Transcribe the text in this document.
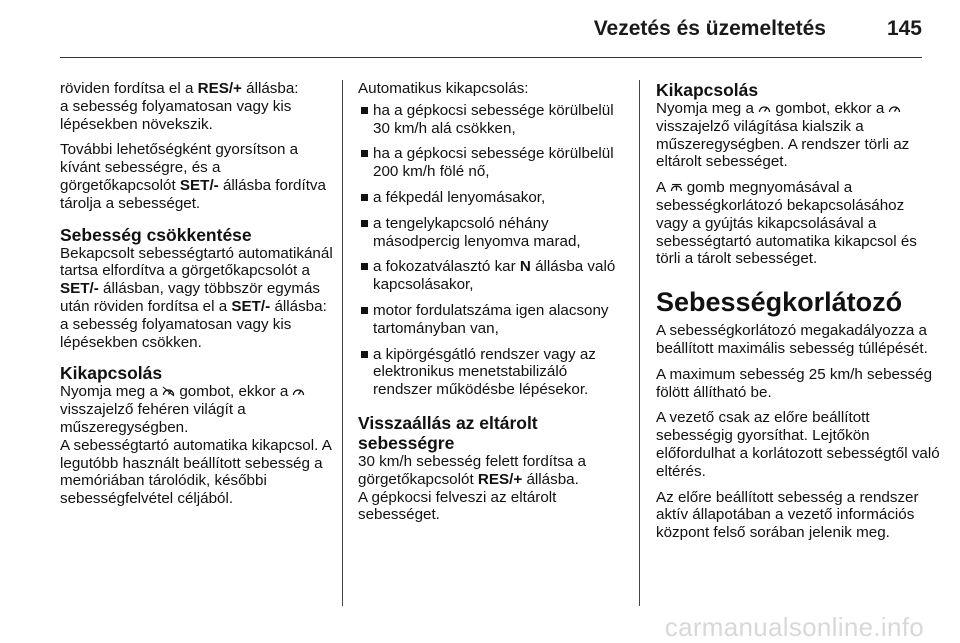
Vezetés és üzemeltetés	145

röviden fordítsa el a RES/+ állásba:
a sebesség folyamatosan vagy kis lépésekben növekszik.

További lehetőségként gyorsítson a kívánt sebességre, és a görgetőkapcsolót SET/- állásba fordítva tárolja a sebességet.

Sebesség csökkentése

Bekapcsolt sebességtartó automatikánál tartsa elfordítva a görgetőkapcsolót a SET/- állásban, vagy többször egymás után röviden fordítsa el a SET/- állásba:
a sebesség folyamatosan vagy kis lépésekben csökken.

Kikapcsolás

Nyomja meg a  gombot, ekkor a  visszajelző fehéren világít a műszeregységben.
A sebességtartó automatika kikapcsol. A legutóbb használt beállított sebesség a memóriában tárolódik, későbbi sebességfelvétel céljából.

Automatikus kikapcsolás:

ha a gépkocsi sebessége körülbelül 30 km/h alá csökken,
ha a gépkocsi sebessége körülbelül 200 km/h fölé nő,
a fékpedál lenyomásakor,
a tengelykapcsoló néhány másodpercig lenyomva marad,
a fokozatválasztó kar N állásba való kapcsolásakor,
motor fordulatszáma igen alacsony tartományban van,
a kipörgésgátló rendszer vagy az elektronikus menetstabilizáló rendszer működésbe lépésekor.
Visszaállás az eltárolt sebességre

30 km/h sebesség felett fordítsa a görgetőkapcsolót RES/+ állásba.
A gépkocsi felveszi az eltárolt sebességet.

Kikapcsolás

Nyomja meg a  gombot, ekkor a  visszajelző világítása kialszik a műszeregységben. A rendszer törli az eltárolt sebességet.

A  gomb megnyomásával a sebességkorlátozó bekapcsolásához vagy a gyújtás kikapcsolásával a sebességtartó automatika kikapcsol és törli a tárolt sebességet.

Sebességkorlátozó

A sebességkorlátozó megakadályozza a beállított maximális sebesség túllépését.

A maximum sebesség 25 km/h sebesség fölött állítható be.

A vezető csak az előre beállított sebességig gyorsíthat. Lejtőkön előfordulhat a korlátozott sebességtől való eltérés.

Az előre beállított sebesség a rendszer aktív állapotában a vezető információs központ felső sorában jelenik meg.

carmanualsonline.info
